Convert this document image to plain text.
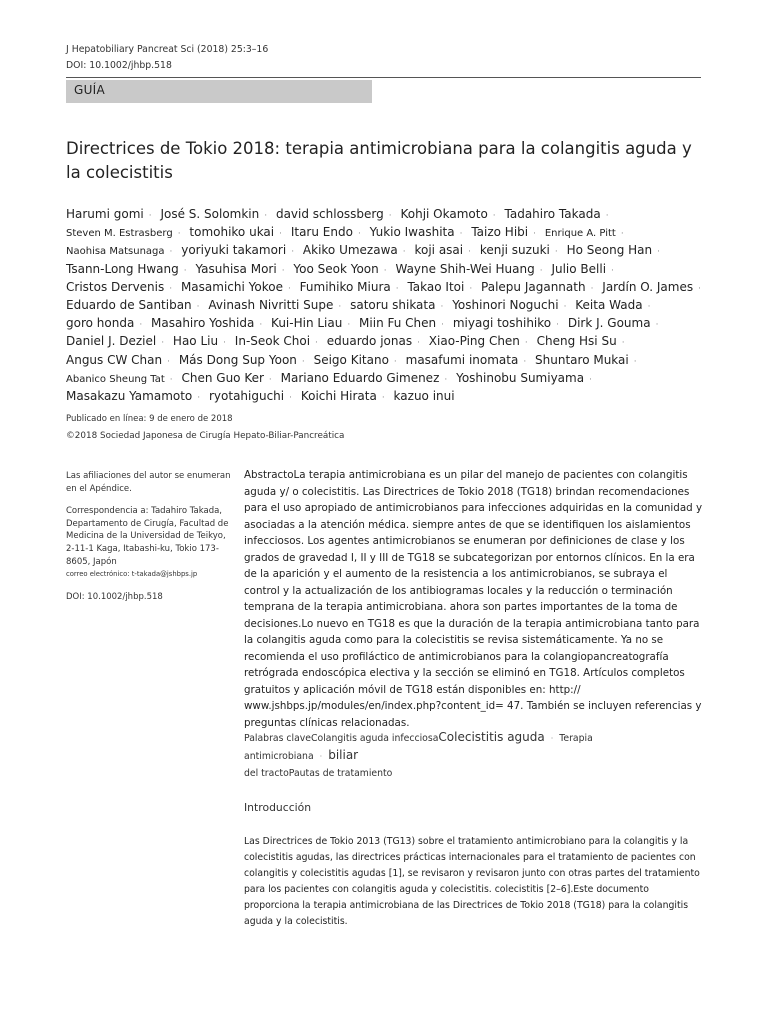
J Hepatobiliary Pancreat Sci (2018) 25:3–16
DOI: 10.1002/jhbp.518
GUÍA
Directrices de Tokio 2018: terapia antimicrobiana para la colangitis aguda y la colecistitis
Harumi gomi · José S. Solomkin · david schlossberg · Kohji Okamoto · Tadahiro Takada · Steven M. Estrasberg · tomohiko ukai · Itaru Endo · Yukio Iwashita · Taizo Hibi · Enrique A. Pitt · Naohisa Matsunaga · yoriyuki takamori · Akiko Umezawa · koji asai · kenji suzuki · Ho Seong Han · Tsann-Long Hwang · Yasuhisa Mori · Yoo Seok Yoon · Wayne Shih-Wei Huang · Julio Belli · Cristos Dervenis · Masamichi Yokoe · Fumihiko Miura · Takao Itoi · Palepu Jagannath · Jardín O. James · Eduardo de Santiban · Avinash Nivritti Supe · satoru shikata · Yoshinori Noguchi · Keita Wada · goro honda · Masahiro Yoshida · Kui-Hin Liau · Miin Fu Chen · miyagi toshihiko · Dirk J. Gouma · Daniel J. Deziel · Hao Liu · In-Seok Choi · eduardo jonas · Xiao-Ping Chen · Cheng Hsi Su · Angus CW Chan · Más Dong Sup Yoon · Seigo Kitano · masafumi inomata · Shuntaro Mukai · Abanico Sheung Tat · Chen Guo Ker · Mariano Eduardo Gimenez · Yoshinobu Sumiyama · Masakazu Yamamoto · ryotahiguchi · Koichi Hirata · kazuo inui
Publicado en línea: 9 de enero de 2018
©2018 Sociedad Japonesa de Cirugía Hepato-Biliar-Pancreática

Las afiliaciones del autor se enumeran en el Apéndice.

Correspondencia a: Tadahiro Takada, Departamento de Cirugía, Facultad de Medicina de la Universidad de Teikyo, 2-11-1 Kaga, Itabashi-ku, Tokio 173-8605, Japón
correo electrónico: t-takada@jshbps.jp

DOI: 10.1002/jhbp.518

AbstractoLa terapia antimicrobiana es un pilar del manejo de pacientes con colangitis aguda y/ o colecistitis. Las Directrices de Tokio 2018 (TG18) brindan recomendaciones para el uso apropiado de antimicrobianos para infecciones adquiridas en la comunidad y asociadas a la atención médica. siempre antes de que se identifiquen los aislamientos infecciosos. Los agentes antimicrobianos se enumeran por definiciones de clase y los grados de gravedad I, II y III de TG18 se subcategorizan por entornos clínicos. En la era de la aparición y el aumento de la resistencia a los antimicrobianos, se subraya el control y la actualización de los antibiogramas locales y la reducción o terminación temprana de la terapia antimicrobiana. ahora son partes importantes de la toma de decisiones.Lo nuevo en TG18 es que la duración de la terapia antimicrobiana tanto para la colangitis aguda como para la colecistitis se revisa sistemáticamente. Ya no se recomienda el uso profiláctico de antimicrobianos para la colangiopancreatografía retrógrada endoscópica electiva y la sección se eliminó en TG18. Artículos completos gratuitos y aplicación móvil de TG18 están disponibles en: http:// www.jshbps.jp/modules/en/index.php?content_id= 47. También se incluyen referencias y preguntas clínicas relacionadas.
Palabras claveColangitis aguda infecciosaColecistitis aguda · Terapia antimicrobiana · biliar
del tractoPautas de tratamiento
Introducción
Las Directrices de Tokio 2013 (TG13) sobre el tratamiento antimicrobiano para la colangitis y la colecistitis agudas, las directrices prácticas internacionales para el tratamiento de pacientes con colangitis y colecistitis agudas [1], se revisaron y revisaron junto con otras partes del tratamiento para los pacientes con colangitis aguda y colecistitis. colecistitis [2–6].Este documento proporciona la terapia antimicrobiana de las Directrices de Tokio 2018 (TG18) para la colangitis aguda y la colecistitis.
